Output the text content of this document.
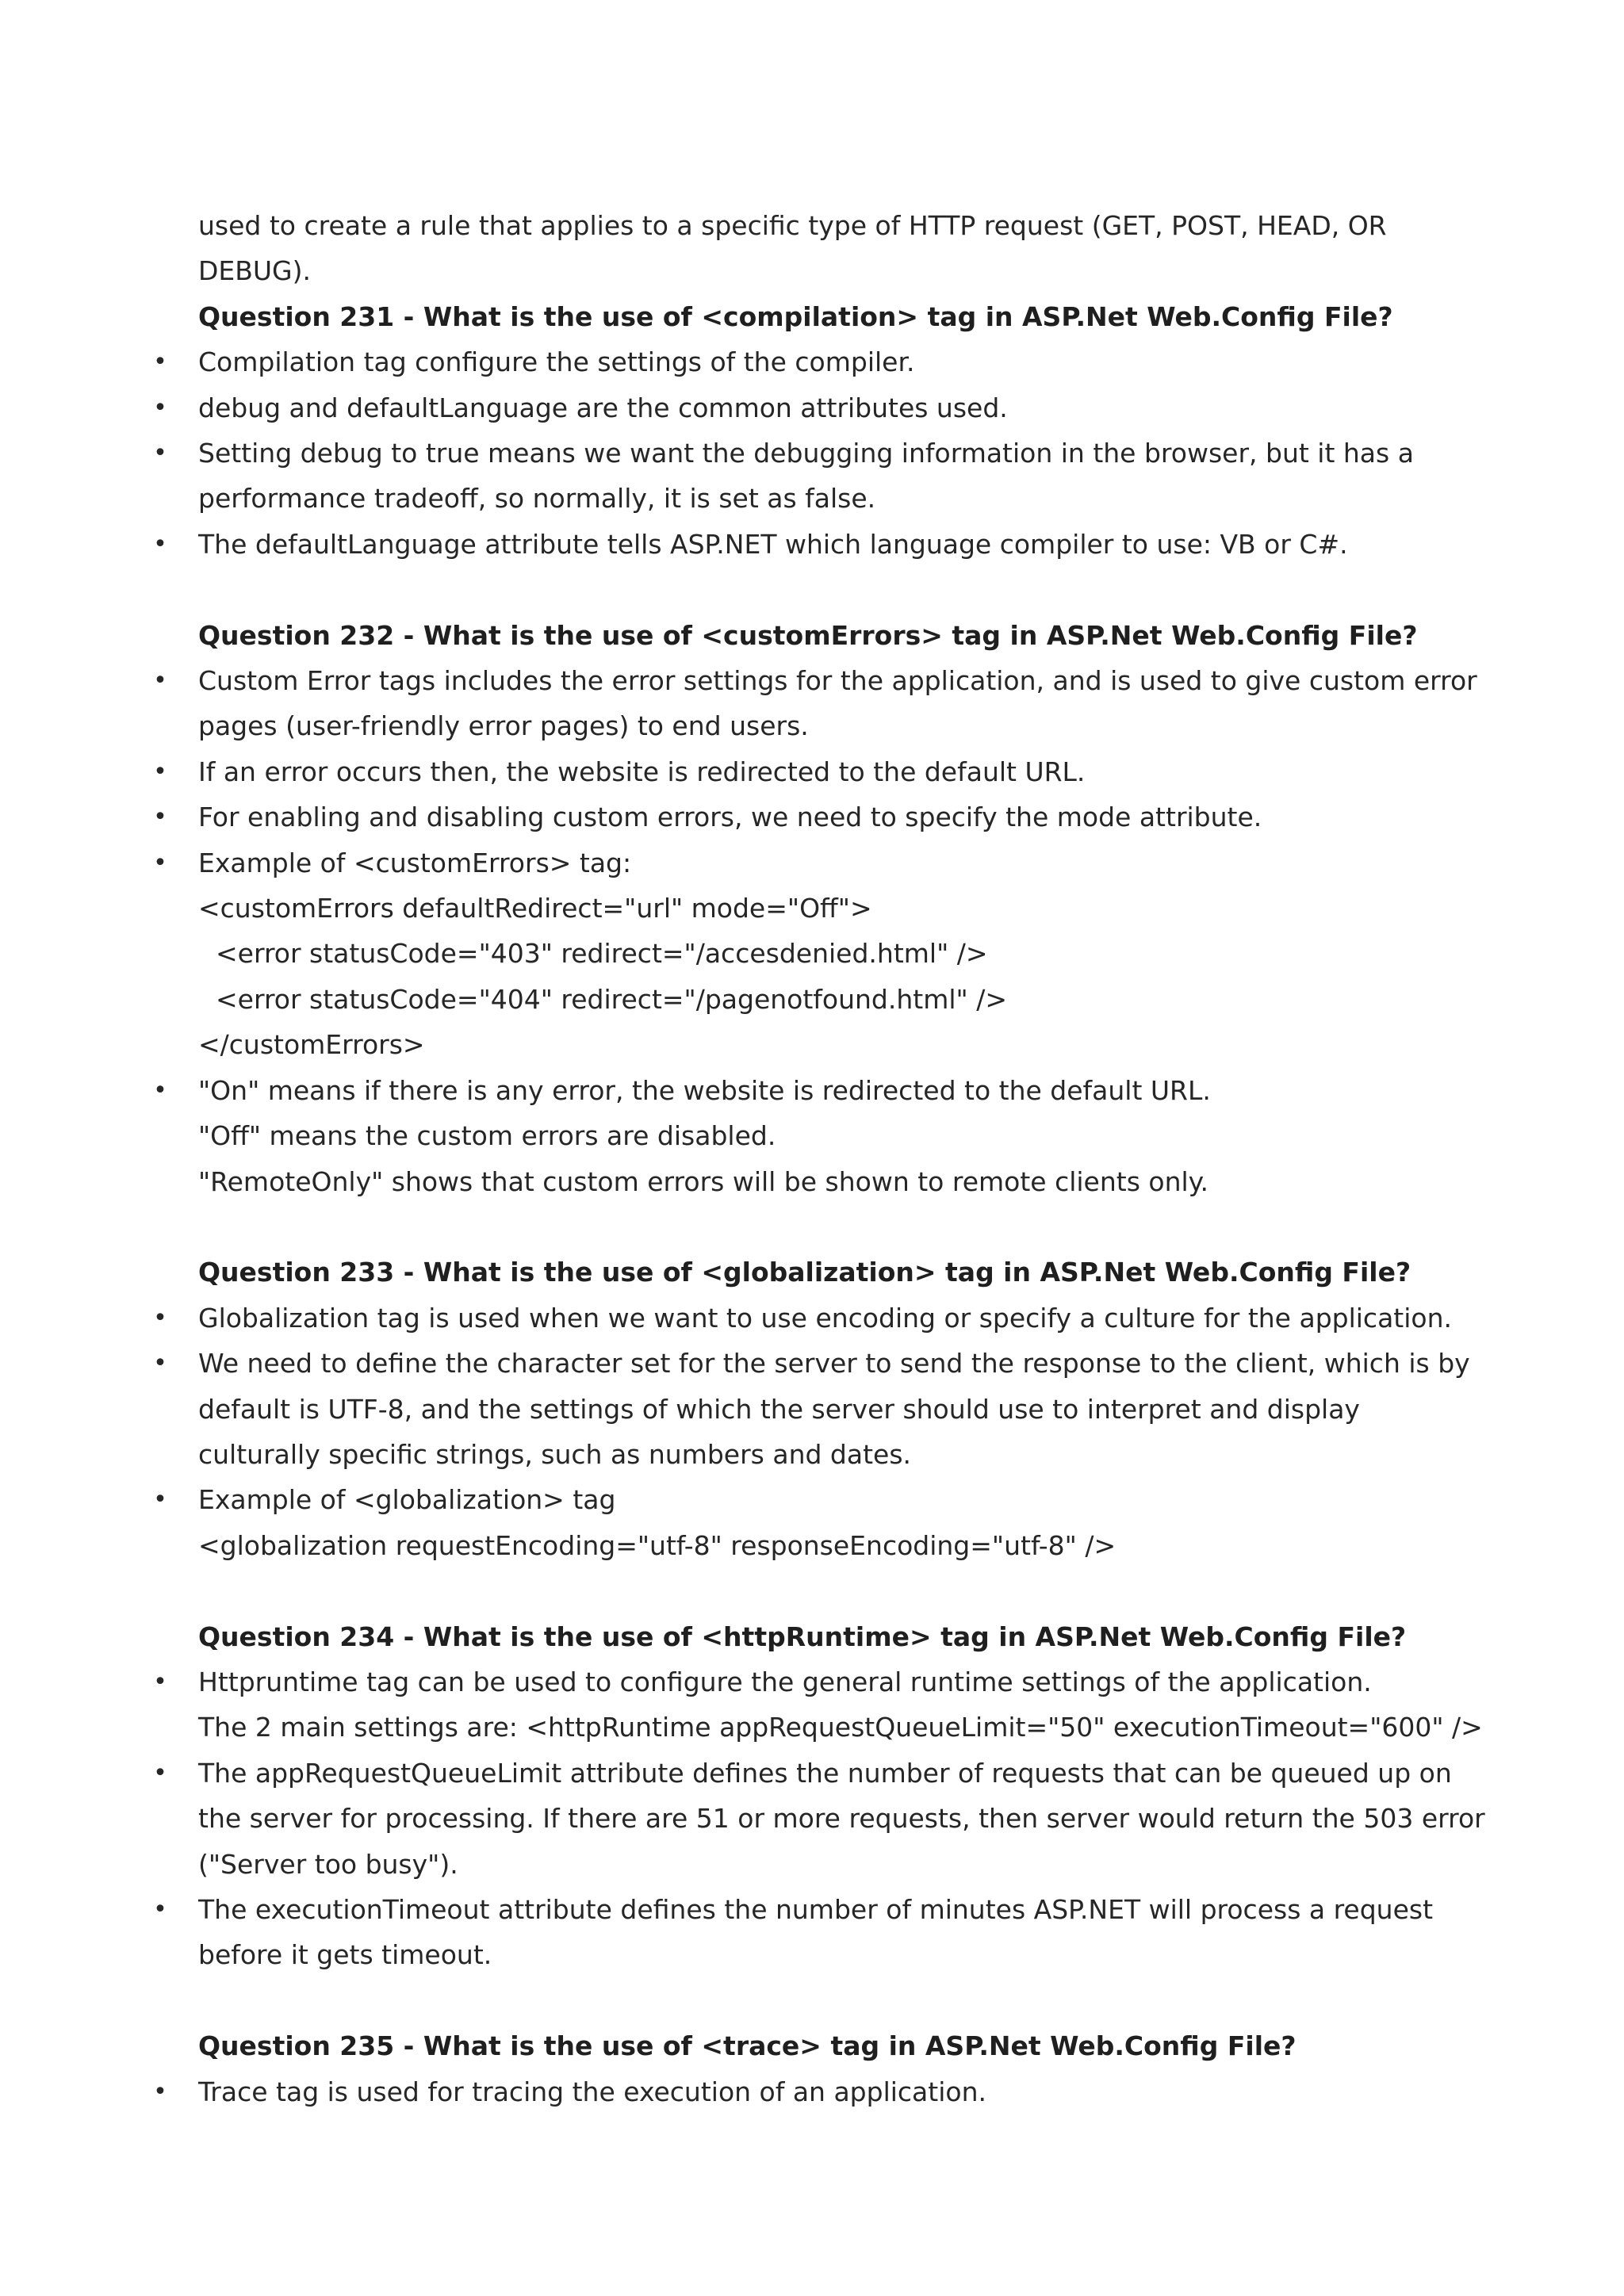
used to create a rule that applies to a specific type of HTTP request (GET, POST, HEAD, OR
DEBUG).
Question 231 - What is the use of <compilation> tag in ASP.Net Web.Config File?
• Compilation tag configure the settings of the compiler.
• debug and defaultLanguage are the common attributes used.
• Setting debug to true means we want the debugging information in the browser, but it has a
performance tradeoff, so normally, it is set as false.
• The defaultLanguage attribute tells ASP.NET which language compiler to use: VB or C#.
Question 232 - What is the use of <customErrors> tag in ASP.Net Web.Config File?
• Custom Error tags includes the error settings for the application, and is used to give custom error
pages (user-friendly error pages) to end users.
• If an error occurs then, the website is redirected to the default URL.
• For enabling and disabling custom errors, we need to specify the mode attribute.
• Example of <customErrors> tag:
<customErrors defaultRedirect="url" mode="Off">
<error statusCode="403" redirect="/accesdenied.html" />
<error statusCode="404" redirect="/pagenotfound.html" />
</customErrors>
• "On" means if there is any error, the website is redirected to the default URL.
"Off" means the custom errors are disabled.
"RemoteOnly" shows that custom errors will be shown to remote clients only.
Question 233 - What is the use of <globalization> tag in ASP.Net Web.Config File?
• Globalization tag is used when we want to use encoding or specify a culture for the application.
• We need to define the character set for the server to send the response to the client, which is by
default is UTF-8, and the settings of which the server should use to interpret and display
culturally specific strings, such as numbers and dates.
• Example of <globalization> tag
<globalization requestEncoding="utf-8" responseEncoding="utf-8" />
Question 234 - What is the use of <httpRuntime> tag in ASP.Net Web.Config File?
• Httpruntime tag can be used to configure the general runtime settings of the application.
The 2 main settings are: <httpRuntime appRequestQueueLimit="50" executionTimeout="600" />
• The appRequestQueueLimit attribute defines the number of requests that can be queued up on
the server for processing. If there are 51 or more requests, then server would return the 503 error
("Server too busy").
• The executionTimeout attribute defines the number of minutes ASP.NET will process a request
before it gets timeout.
Question 235 - What is the use of <trace> tag in ASP.Net Web.Config File?
• Trace tag is used for tracing the execution of an application.
